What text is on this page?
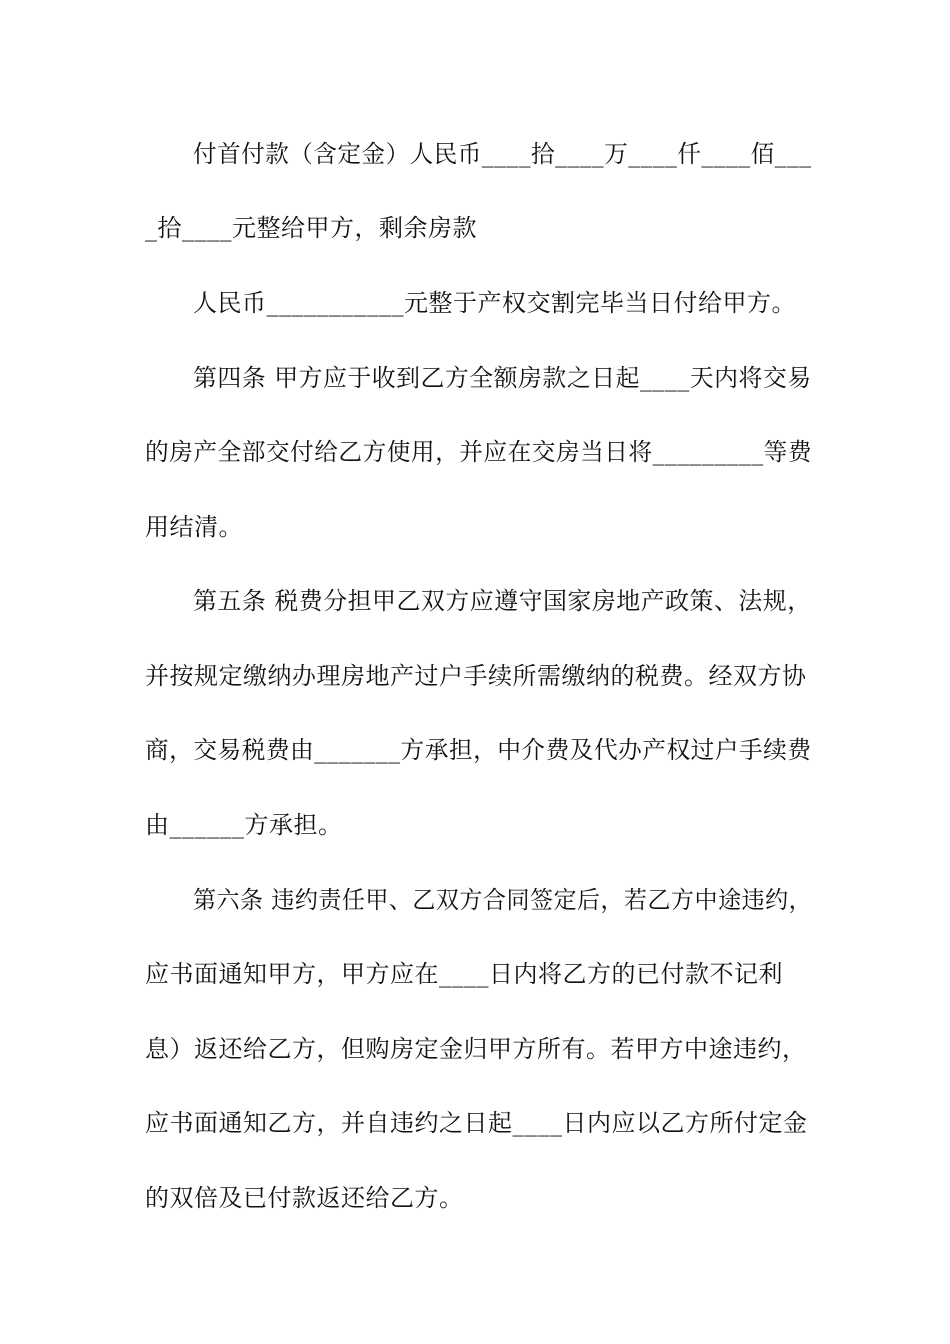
付首付款（含定金）人民币____拾____万____仟____佰___
_拾____元整给甲方，剩余房款
人民币___________元整于产权交割完毕当日付给甲方。
第四条 甲方应于收到乙方全额房款之日起____天内将交易
的房产全部交付给乙方使用，并应在交房当日将_________等费
用结清。
第五条 税费分担甲乙双方应遵守国家房地产政策、法规，
并按规定缴纳办理房地产过户手续所需缴纳的税费。经双方协
商，交易税费由_______方承担，中介费及代办产权过户手续费
由______方承担。
第六条 违约责任甲、乙双方合同签定后，若乙方中途违约，
应书面通知甲方，甲方应在____日内将乙方的已付款不记利
息）返还给乙方，但购房定金归甲方所有。若甲方中途违约，
应书面通知乙方，并自违约之日起____日内应以乙方所付定金
的双倍及已付款返还给乙方。
